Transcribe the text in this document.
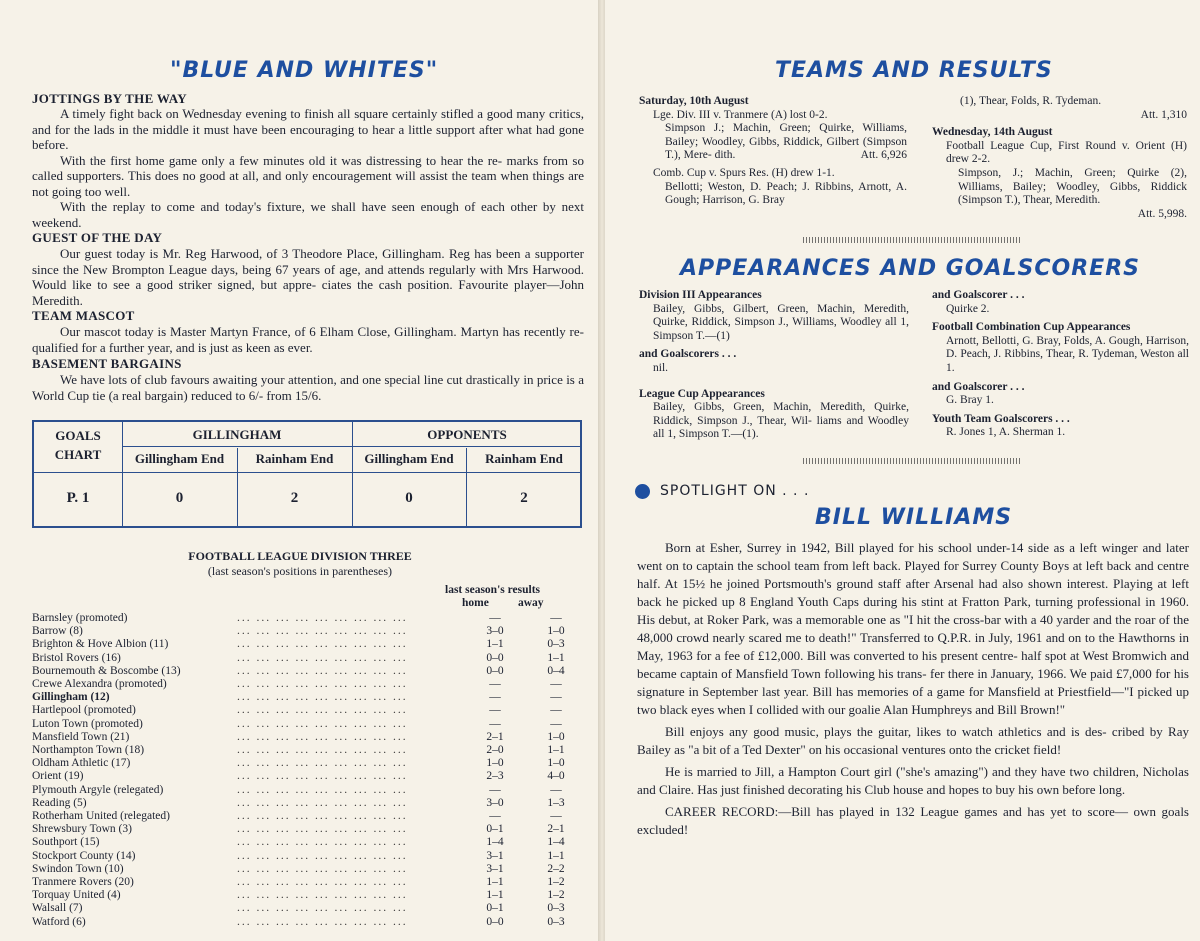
"BLUE AND WHITES"
JOTTINGS BY THE WAY

A timely fight back on Wednesday evening to finish all square certainly stifled a good many critics, and for the lads in the middle it must have been encouraging to hear a little support after what had gone before.

With the first home game only a few minutes old it was distressing to hear the re- marks from so called supporters. This does no good at all, and only encouragement will assist the team when things are not going too well.

With the replay to come and today's fixture, we shall have seen enough of each other by next weekend.

GUEST OF THE DAY

Our guest today is Mr. Reg Harwood, of 3 Theodore Place, Gillingham. Reg has been a supporter since the New Brompton League days, being 67 years of age, and attends regularly with Mrs Harwood. Would like to see a good striker signed, but appre- ciates the cash position. Favourite player—John Meredith.

TEAM MASCOT

Our mascot today is Master Martyn France, of 6 Elham Close, Gillingham. Martyn has recently re-qualified for a further year, and is just as keen as ever.

BASEMENT BARGAINS

We have lots of club favours awaiting your attention, and one special line cut drastically in price is a World Cup tie (a real bargain) reduced to 6/- from 15/6.

GOALS
CHART
GILLINGHAM	OPPONENTS
Gillingham End	Rainham End	Gillingham End	Rainham End
P. 1	0	2	0	2
FOOTBALL LEAGUE DIVISION THREE
(last season's positions in parentheses)
last season's results
home	away
Barnsley (promoted)	... ... ... ... ... ... ... ... ...	—	—
Barrow (8)	... ... ... ... ... ... ... ... ...	3–0	1–0
Brighton & Hove Albion (11)	... ... ... ... ... ... ... ... ...	1–1	0–3
Bristol Rovers (16)	... ... ... ... ... ... ... ... ...	0–0	1–1
Bournemouth & Boscombe (13)	... ... ... ... ... ... ... ... ...	0–0	0–4
Crewe Alexandra (promoted)	... ... ... ... ... ... ... ... ...	—	—
Gillingham (12)	... ... ... ... ... ... ... ... ...	—	—
Hartlepool (promoted)	... ... ... ... ... ... ... ... ...	—	—
Luton Town (promoted)	... ... ... ... ... ... ... ... ...	—	—
Mansfield Town (21)	... ... ... ... ... ... ... ... ...	2–1	1–0
Northampton Town (18)	... ... ... ... ... ... ... ... ...	2–0	1–1
Oldham Athletic (17)	... ... ... ... ... ... ... ... ...	1–0	1–0
Orient (19)	... ... ... ... ... ... ... ... ...	2–3	4–0
Plymouth Argyle (relegated)	... ... ... ... ... ... ... ... ...	—	—
Reading (5)	... ... ... ... ... ... ... ... ...	3–0	1–3
Rotherham United (relegated)	... ... ... ... ... ... ... ... ...	—	—
Shrewsbury Town (3)	... ... ... ... ... ... ... ... ...	0–1	2–1
Southport (15)	... ... ... ... ... ... ... ... ...	1–4	1–4
Stockport County (14)	... ... ... ... ... ... ... ... ...	3–1	1–1
Swindon Town (10)	... ... ... ... ... ... ... ... ...	3–1	2–2
Tranmere Rovers (20)	... ... ... ... ... ... ... ... ...	1–1	1–2
Torquay United (4)	... ... ... ... ... ... ... ... ...	1–1	1–2
Walsall (7)	... ... ... ... ... ... ... ... ...	0–1	0–3
Watford (6)	... ... ... ... ... ... ... ... ...	0–0	0–3
TEAMS AND RESULTS
Saturday, 10th August
Lge. Div. III v. Tranmere (A) lost 0-2.
Simpson J.; Machin, Green; Quirke, Williams, Bailey; Woodley, Gibbs, Riddick, Gilbert (Simpson T.), Mere- dith.	Att. 6,926
Comb. Cup v. Spurs Res. (H) drew 1-1.
Bellotti; Weston, D. Peach; J. Ribbins, Arnott, A. Gough; Harrison, G. Bray
(1), Thear, Folds, R. Tydeman.
Att. 1,310
Wednesday, 14th August
Football League Cup, First Round v. Orient (H) drew 2-2.
Simpson, J.; Machin, Green; Quirke (2), Williams, Bailey; Woodley, Gibbs, Riddick (Simpson T.), Thear, Meredith.
Att. 5,998.
APPEARANCES AND GOALSCORERS
Division III Appearances
Bailey, Gibbs, Gilbert, Green, Machin, Meredith, Quirke, Riddick, Simpson J., Williams, Woodley all 1, Simpson T.—(1)
and Goalscorers . . .
nil.
League Cup Appearances
Bailey, Gibbs, Green, Machin, Meredith, Quirke, Riddick, Simpson J., Thear, Wil- liams and Woodley all 1, Simpson T.—(1).
and Goalscorer . . .
Quirke 2.
Football Combination Cup Appearances
Arnott, Bellotti, G. Bray, Folds, A. Gough, Harrison, D. Peach, J. Ribbins, Thear, R. Tydeman, Weston all 1.
and Goalscorer . . .
G. Bray 1.
Youth Team Goalscorers . . .
R. Jones 1, A. Sherman 1.
SPOTLIGHT ON . . .
BILL WILLIAMS

Born at Esher, Surrey in 1942, Bill played for his school under-14 side as a left winger and later went on to captain the school team from left back. Played for Surrey County Boys at left back and centre half. At 15½ he joined Portsmouth's ground staff after Arsenal had also shown interest. Playing at left back he picked up 8 England Youth Caps during his stint at Fratton Park, turning professional in 1960. His debut, at Roker Park, was a memorable one as "I hit the cross-bar with a 40 yarder and the roar of the 48,000 crowd nearly scared me to death!" Transferred to Q.P.R. in July, 1961 and on to the Hawthorns in May, 1963 for a fee of £12,000. Bill was converted to his present centre- half spot at West Bromwich and became captain of Mansfield Town following his trans- fer there in January, 1966. We paid £7,000 for his signature in September last year. Bill has memories of a game for Mansfield at Priestfield—"I picked up two black eyes when I collided with our goalie Alan Humphreys and Bill Brown!"

Bill enjoys any good music, plays the guitar, likes to watch athletics and is des- cribed by Ray Bailey as "a bit of a Ted Dexter" on his occasional ventures onto the cricket field!

He is married to Jill, a Hampton Court girl ("she's amazing") and they have two children, Nicholas and Claire. Has just finished decorating his Club house and hopes to buy his own before long.

CAREER RECORD:—Bill has played in 132 League games and has yet to score— own goals excluded!
